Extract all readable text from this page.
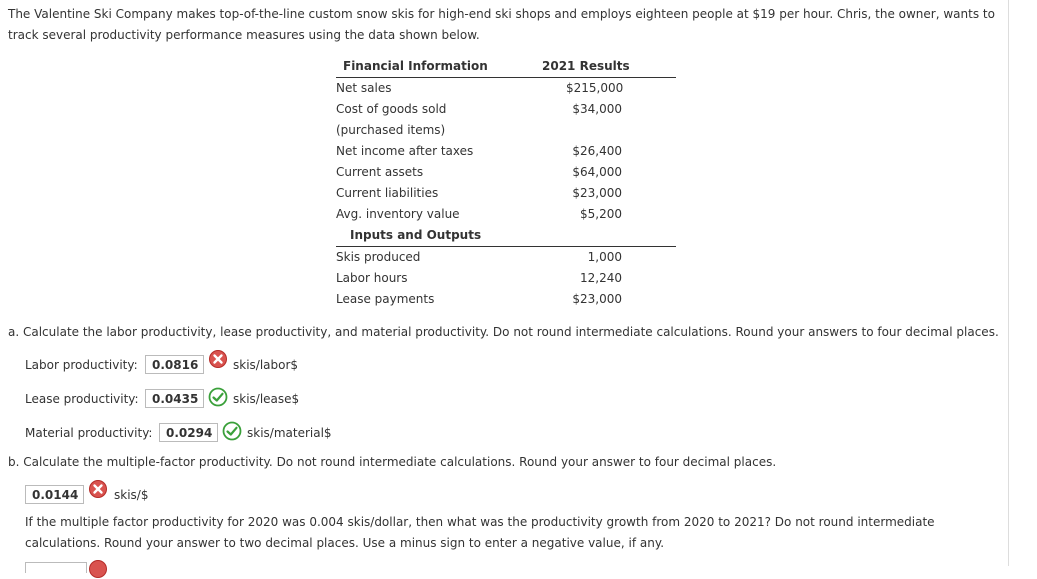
The Valentine Ski Company makes top-of-the-line custom snow skis for high-end ski shops and employs eighteen people at $19 per hour. Chris, the owner, wants to track several productivity performance measures using the data shown below.
Financial Information	2021 Results
Net sales	$215,000
Cost of goods sold	$34,000
(purchased items)
Net income after taxes	$26,400
Current assets	$64,000
Current liabilities	$23,000
Avg. inventory value	$5,200
Inputs and Outputs
Skis produced	1,000
Labor hours	12,240
Lease payments	$23,000
a. Calculate the labor productivity, lease productivity, and material productivity. Do not round intermediate calculations. Round your answers to four decimal places.
Labor productivity:	0.0816	skis/labor$
Lease productivity:	0.0435	skis/lease$
Material productivity:	0.0294	skis/material$
b. Calculate the multiple-factor productivity. Do not round intermediate calculations. Round your answer to four decimal places.
0.0144	skis/$
If the multiple factor productivity for 2020 was 0.004 skis/dollar, then what was the productivity growth from 2020 to 2021? Do not round intermediate calculations. Round your answer to two decimal places. Use a minus sign to enter a negative value, if any.
